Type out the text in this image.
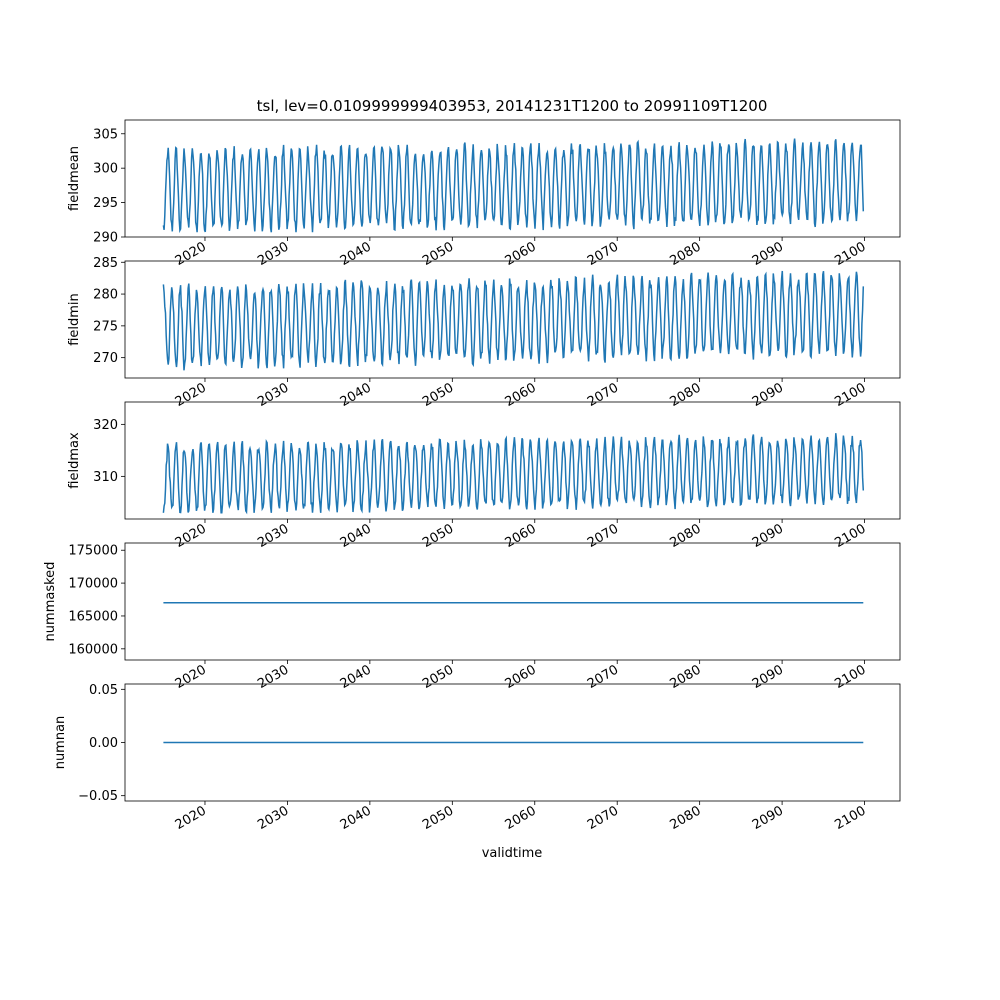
tsl, lev=0.0109999999403953, 20141231T1200 to 20991109T1200
290
295
300
305
2020	2030	2040	2050	2060	2070	2080	2090	2100
fieldmean
270
275
280
285
2020	2030	2040	2050	2060	2070	2080	2090	2100
fieldmin
310
320
2020	2030	2040	2050	2060	2070	2080	2090	2100
fieldmax
160000
165000
170000
175000
2020	2030	2040	2050	2060	2070	2080	2090	2100
nummasked
−0.05
0.00
0.05
2020	2030	2040	2050	2060	2070	2080	2090	2100
numnan
validtime
